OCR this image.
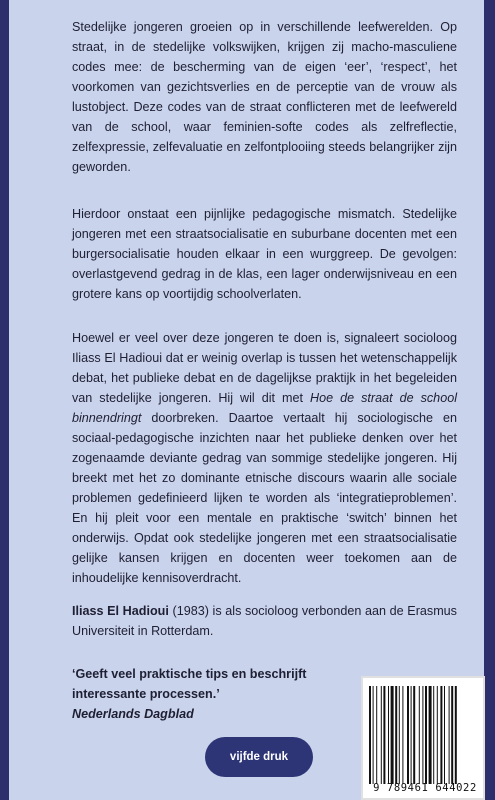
Stedelijke jongeren groeien op in verschillende leefwerelden. Op straat, in de stedelijke volkswijken, krijgen zij macho-masculiene codes mee: de bescherming van de eigen ‘eer’, ‘respect’, het voorkomen van gezichtsverlies en de perceptie van de vrouw als lustobject. Deze codes van de straat conflicteren met de leefwereld van de school, waar feminien-softe codes als zelfreflectie, zelfexpressie, zelfevaluatie en zelfontplooiing steeds belangrijker zijn geworden.

Hierdoor onstaat een pijnlijke pedagogische mismatch. Stedelijke jongeren met een straatsocialisatie en suburbane docenten met een burgersocialisatie houden elkaar in een wurggreep. De gevolgen: overlastgevend gedrag in de klas, een lager onderwijsniveau en een grotere kans op voortijdig schoolverlaten.

Hoewel er veel over deze jongeren te doen is, signaleert socioloog Iliass El Hadioui dat er weinig overlap is tussen het wetenschappelijk debat, het publieke debat en de dagelijkse praktijk in het begeleiden van stedelijke jongeren. Hij wil dit met Hoe de straat de school binnendringt doorbreken. Daartoe vertaalt hij sociologische en sociaal-pedagogische inzichten naar het publieke denken over het zogenaamde deviante gedrag van sommige stedelijke jongeren. Hij breekt met het zo dominante etnische discours waarin alle sociale problemen gedefinieerd lijken te worden als ‘integratieproblemen’. En hij pleit voor een mentale en praktische ‘switch’ binnen het onderwijs. Opdat ook stedelijke jongeren met een straatsocialisatie gelijke kansen krijgen en docenten weer toekomen aan de inhoudelijke kennisoverdracht.

Iliass El Hadioui (1983) is als socioloog verbonden aan de Erasmus Universiteit in Rotterdam.

‘Geeft veel praktische tips en beschrijft interessante processen.’
Nederlands Dagblad
vijfde druk
9 789461 644022
